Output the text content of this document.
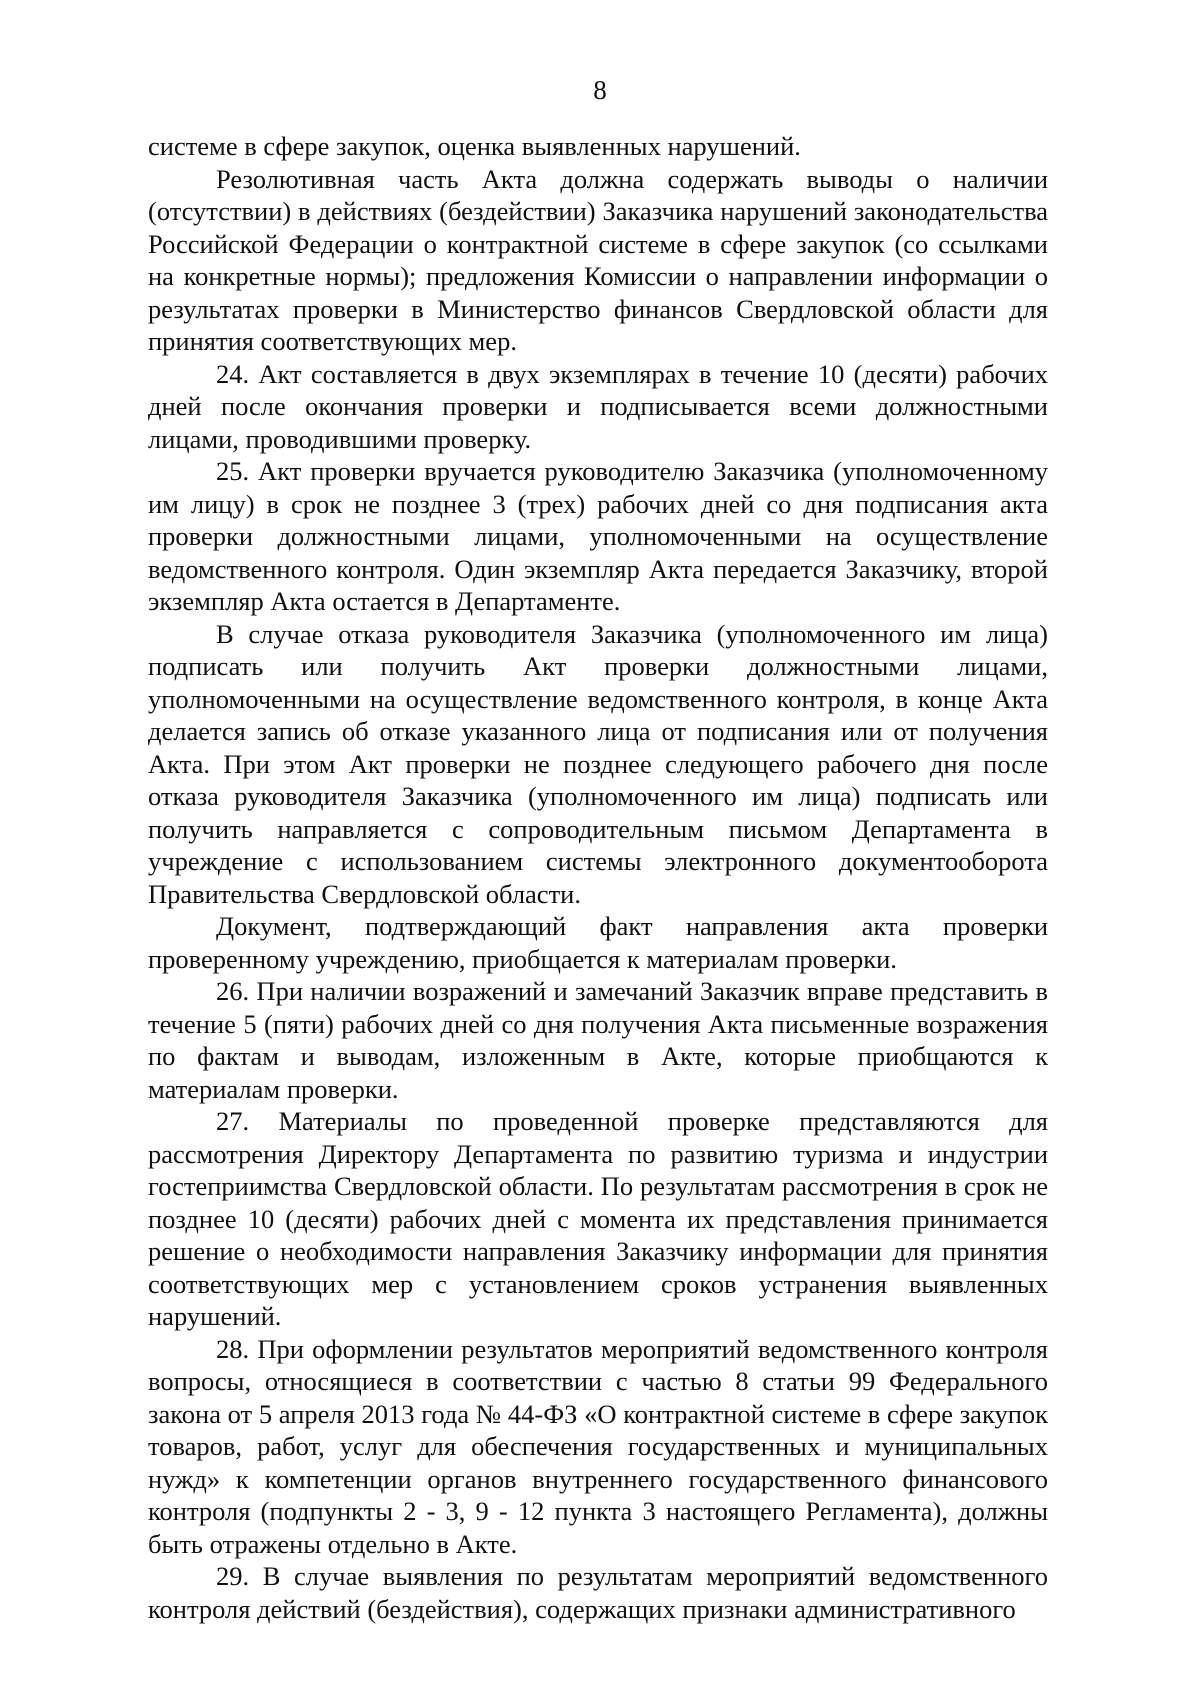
8

системе в сфере закупок, оценка выявленных нарушений.

Резолютивная часть Акта должна содержать выводы о наличии (отсутствии) в действиях (бездействии) Заказчика нарушений законодательства Российской Федерации о контрактной системе в сфере закупок (со ссылками на конкретные нормы); предложения Комиссии о направлении информации о результатах проверки в Министерство финансов Свердловской области для принятия соответствующих мер.

24. Акт составляется в двух экземплярах в течение 10 (десяти) рабочих дней после окончания проверки и подписывается всеми должностными лицами, проводившими проверку.

25. Акт проверки вручается руководителю Заказчика (уполномоченному им лицу) в срок не позднее 3 (трех) рабочих дней со дня подписания акта проверки должностными лицами, уполномоченными на осуществление ведомственного контроля. Один экземпляр Акта передается Заказчику, второй экземпляр Акта остается в Департаменте.

В случае отказа руководителя Заказчика (уполномоченного им лица) подписать или получить Акт проверки должностными лицами, уполномоченными на осуществление ведомственного контроля, в конце Акта делается запись об отказе указанного лица от подписания или от получения Акта. При этом Акт проверки не позднее следующего рабочего дня после отказа руководителя Заказчика (уполномоченного им лица) подписать или получить направляется с сопроводительным письмом Департамента в учреждение с использованием системы электронного документооборота Правительства Свердловской области.

Документ, подтверждающий факт направления акта проверки проверенному учреждению, приобщается к материалам проверки.

26. При наличии возражений и замечаний Заказчик вправе представить в течение 5 (пяти) рабочих дней со дня получения Акта письменные возражения по фактам и выводам, изложенным в Акте, которые приобщаются к материалам проверки.

27. Материалы по проведенной проверке представляются для рассмотрения Директору Департамента по развитию туризма и индустрии гостеприимства Свердловской области. По результатам рассмотрения в срок не позднее 10 (десяти) рабочих дней с момента их представления принимается решение о необходимости направления Заказчику информации для принятия соответствующих мер с установлением сроков устранения выявленных нарушений.

28. При оформлении результатов мероприятий ведомственного контроля вопросы, относящиеся в соответствии с частью 8 статьи 99 Федерального закона от 5 апреля 2013 года № 44-ФЗ «О контрактной системе в сфере закупок товаров, работ, услуг для обеспечения государственных и муниципальных нужд» к компетенции органов внутреннего государственного финансового контроля (подпункты 2 - 3, 9 - 12 пункта 3 настоящего Регламента), должны быть отражены отдельно в Акте.

29. В случае выявления по результатам мероприятий ведомственного контроля действий (бездействия), содержащих признаки административного
